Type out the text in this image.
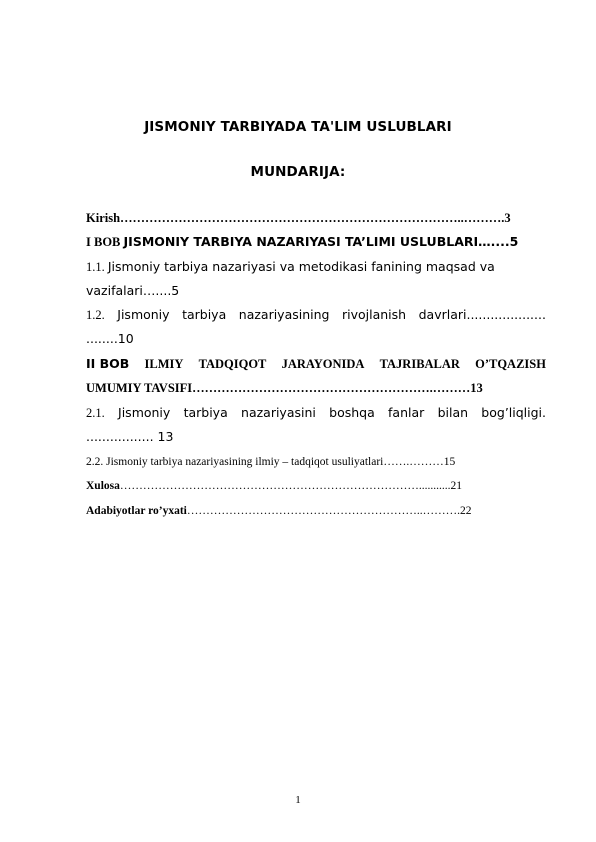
JISMONIY TARBIYADA TA'LIM USLUBLARI
MUNDARIJA:
Kirish………………………………………………………………………..……….3
I BOB JISMONIY TARBIYA NAZARIYASI TA’LIMI USLUBLARI…....5
1.1. Jismoniy tarbiya nazariyasi va metodikasi fanining maqsad va
vazifalari…....5
1.2. Jismoniy tarbiya nazariyasining rivojlanish davrlari....................
........10
II BOB ILMIY TADQIQOT JARAYONIDA TAJRIBALAR O’TQAZISH
UMUMIY TAVSIFI………………………………………………….………13
2.1. Jismoniy tarbiya nazariyasini boshqa fanlar bilan bog’liqligi.
................. 13
2.2. Jismoniy tarbiya nazariyasining ilmiy – tadqiqot usuliyatlari…….………15
Xulosa……………………………………………………………………...........21
Adabiyotlar ro’yxati……………………………………………………..……….22
1
